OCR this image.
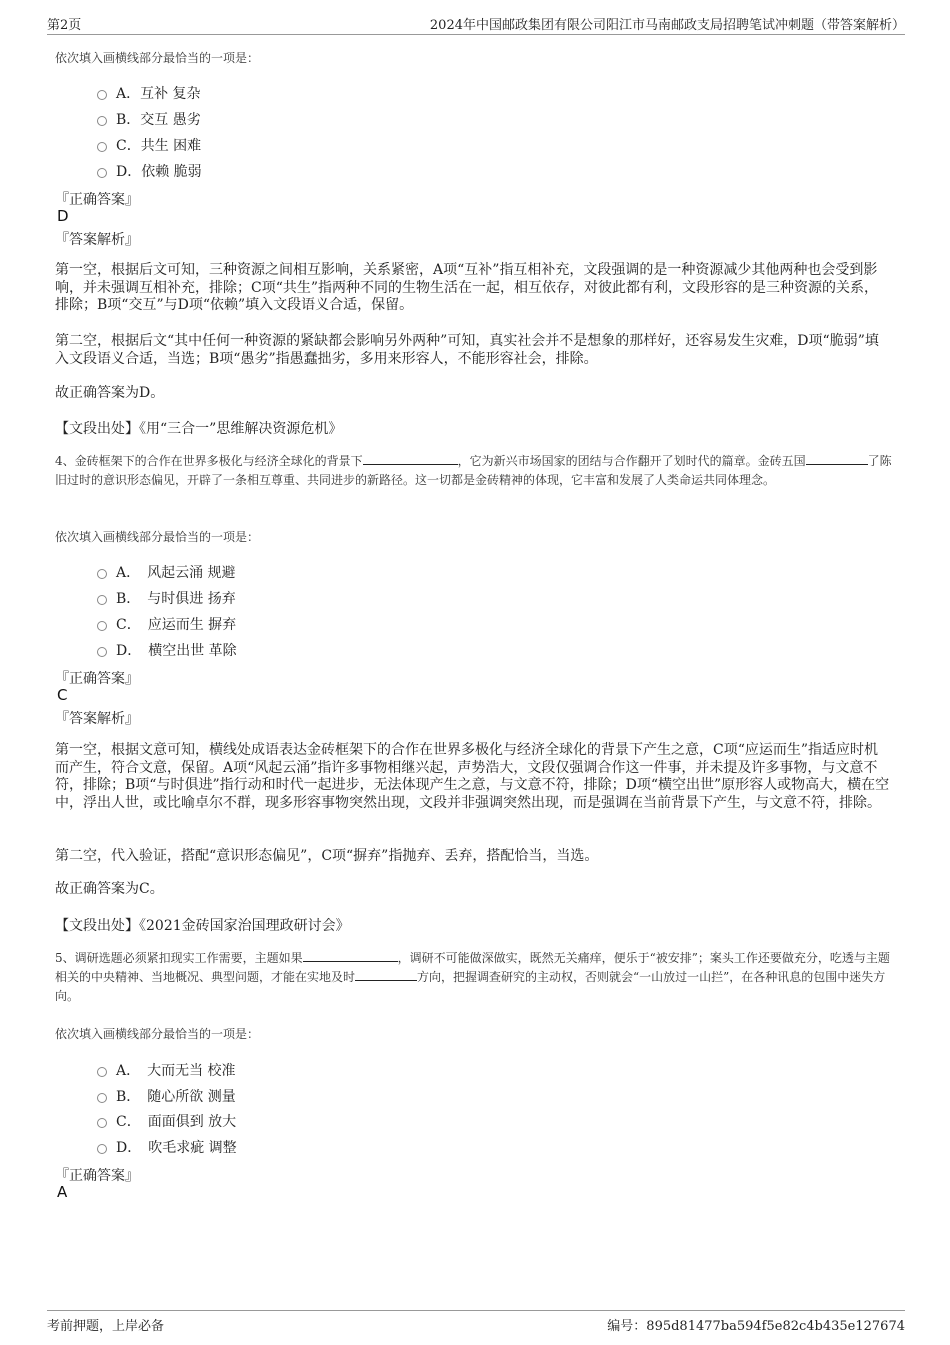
第2页	2024年中国邮政集团有限公司阳江市马南邮政支局招聘笔试冲刺题（带答案解析）
依次填入画横线部分最恰当的一项是：
A．互补 复杂
B．交互 愚劣
C．共生 困难
D．依赖 脆弱
『正确答案』
D
『答案解析』
第一空，根据后文可知，三种资源之间相互影响，关系紧密，A项“互补”指互相补充，文段强调的是一种资源减少其他两种也会受到影响，并未强调互相补充，排除；C项“共生”指两种不同的生物生活在一起，相互依存，对彼此都有利，文段形容的是三种资源的关系，排除；B项“交互”与D项“依赖”填入文段语义合适，保留。
第二空，根据后文“其中任何一种资源的紧缺都会影响另外两种”可知，真实社会并不是想象的那样好，还容易发生灾难，D项“脆弱”填入文段语义合适，当选；B项“愚劣”指愚蠢拙劣，多用来形容人，不能形容社会，排除。
故正确答案为D。
【文段出处】《用“三合一”思维解决资源危机》
4、金砖框架下的合作在世界多极化与经济全球化的背景下	，它为新兴市场国家的团结与合作翻开了划时代的篇章。金砖五国	了陈旧过时的意识形态偏见，开辟了一条相互尊重、共同进步的新路径。这一切都是金砖精神的体现，它丰富和发展了人类命运共同体理念。
依次填入画横线部分最恰当的一项是：
A．　风起云涌 规避
B．　与时俱进 扬弃
C．　应运而生 摒弃
D．　横空出世 革除
『正确答案』
C
『答案解析』
第一空，根据文意可知，横线处成语表达金砖框架下的合作在世界多极化与经济全球化的背景下产生之意，C项“应运而生”指适应时机而产生，符合文意，保留。A项“风起云涌”指许多事物相继兴起，声势浩大，文段仅强调合作这一件事，并未提及许多事物，与文意不符，排除；B项“与时俱进”指行动和时代一起进步，无法体现产生之意，与文意不符，排除；D项“横空出世”原形容人或物高大，横在空中，浮出人世，或比喻卓尔不群，现多形容事物突然出现，文段并非强调突然出现，而是强调在当前背景下产生，与文意不符，排除。
第二空，代入验证，搭配“意识形态偏见”，C项“摒弃”指抛弃、丢弃，搭配恰当，当选。
故正确答案为C。
【文段出处】《2021金砖国家治国理政研讨会》
5、调研选题必须紧扣现实工作需要，主题如果	，调研不可能做深做实，既然无关痛痒，便乐于“被安排”；案头工作还要做充分，吃透与主题相关的中央精神、当地概况、典型问题，才能在实地及时	方向，把握调查研究的主动权，否则就会“一山放过一山拦”，在各种讯息的包围中迷失方向。
依次填入画横线部分最恰当的一项是：
A．　大而无当 校准
B．　随心所欲 测量
C．　面面俱到 放大
D．　吹毛求疵 调整
『正确答案』
A
考前押题，上岸必备	编号：895d81477ba594f5e82c4b435e127674
